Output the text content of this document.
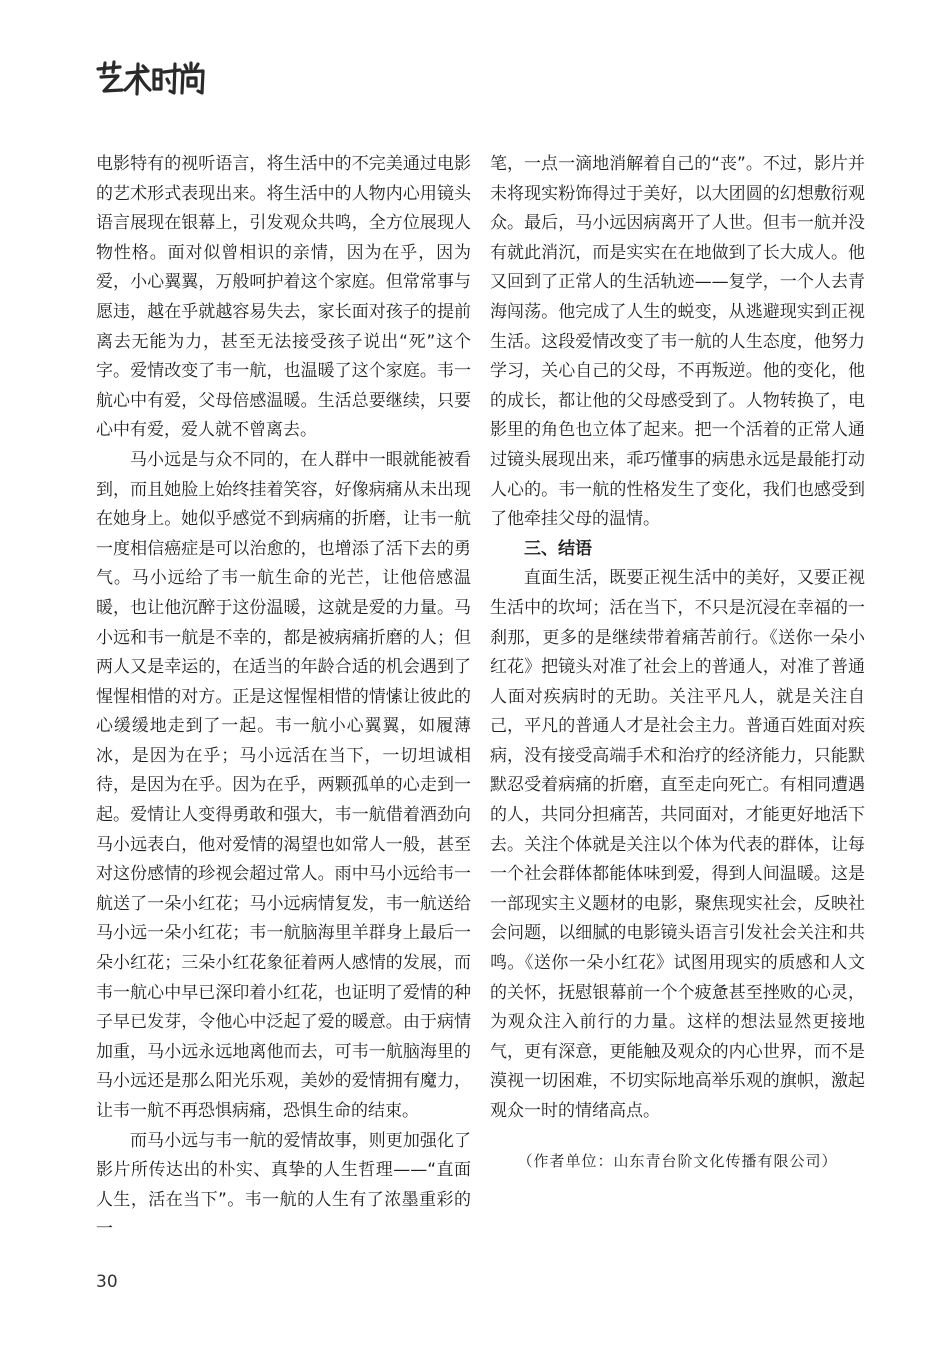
电影特有的视听语言，将生活中的不完美通过电影的艺术形式表现出来。将生活中的人物内心用镜头语言展现在银幕上，引发观众共鸣，全方位展现人物性格。面对似曾相识的亲情，因为在乎，因为爱，小心翼翼，万般呵护着这个家庭。但常常事与愿违，越在乎就越容易失去，家长面对孩子的提前离去无能为力，甚至无法接受孩子说出“死”这个字。爱情改变了韦一航，也温暖了这个家庭。韦一航心中有爱，父母倍感温暖。生活总要继续，只要心中有爱，爱人就不曾离去。

马小远是与众不同的，在人群中一眼就能被看到，而且她脸上始终挂着笑容，好像病痛从未出现在她身上。她似乎感觉不到病痛的折磨，让韦一航一度相信癌症是可以治愈的，也增添了活下去的勇气。马小远给了韦一航生命的光芒，让他倍感温暖，也让他沉醉于这份温暖，这就是爱的力量。马小远和韦一航是不幸的，都是被病痛折磨的人；但两人又是幸运的，在适当的年龄合适的机会遇到了惺惺相惜的对方。正是这惺惺相惜的情愫让彼此的心缓缓地走到了一起。韦一航小心翼翼，如履薄冰，是因为在乎；马小远活在当下，一切坦诚相待，是因为在乎。因为在乎，两颗孤单的心走到一起。爱情让人变得勇敢和强大，韦一航借着酒劲向马小远表白，他对爱情的渴望也如常人一般，甚至对这份感情的珍视会超过常人。雨中马小远给韦一航送了一朵小红花；马小远病情复发，韦一航送给马小远一朵小红花；韦一航脑海里羊群身上最后一朵小红花；三朵小红花象征着两人感情的发展，而韦一航心中早已深印着小红花，也证明了爱情的种子早已发芽，令他心中泛起了爱的暖意。由于病情加重，马小远永远地离他而去，可韦一航脑海里的马小远还是那么阳光乐观，美妙的爱情拥有魔力，让韦一航不再恐惧病痛，恐惧生命的结束。

而马小远与韦一航的爱情故事，则更加强化了影片所传达出的朴实、真挚的人生哲理——“直面人生，活在当下”。韦一航的人生有了浓墨重彩的一

笔，一点一滴地消解着自己的“丧”。不过，影片并未将现实粉饰得过于美好，以大团圆的幻想敷衍观众。最后，马小远因病离开了人世。但韦一航并没有就此消沉，而是实实在在地做到了长大成人。他又回到了正常人的生活轨迹——复学，一个人去青海闯荡。他完成了人生的蜕变，从逃避现实到正视生活。这段爱情改变了韦一航的人生态度，他努力学习，关心自己的父母，不再叛逆。他的变化，他的成长，都让他的父母感受到了。人物转换了，电影里的角色也立体了起来。把一个活着的正常人通过镜头展现出来，乖巧懂事的病患永远是最能打动人心的。韦一航的性格发生了变化，我们也感受到了他牵挂父母的温情。

三、结语

直面生活，既要正视生活中的美好，又要正视生活中的坎坷；活在当下，不只是沉浸在幸福的一刹那，更多的是继续带着痛苦前行。《送你一朵小红花》把镜头对准了社会上的普通人，对准了普通人面对疾病时的无助。关注平凡人，就是关注自己，平凡的普通人才是社会主力。普通百姓面对疾病，没有接受高端手术和治疗的经济能力，只能默默忍受着病痛的折磨，直至走向死亡。有相同遭遇的人，共同分担痛苦，共同面对，才能更好地活下去。关注个体就是关注以个体为代表的群体，让每一个社会群体都能体味到爱，得到人间温暖。这是一部现实主义题材的电影，聚焦现实社会，反映社会问题，以细腻的电影镜头语言引发社会关注和共鸣。《送你一朵小红花》试图用现实的质感和人文的关怀，抚慰银幕前一个个疲惫甚至挫败的心灵，为观众注入前行的力量。这样的想法显然更接地气，更有深意，更能触及观众的内心世界，而不是漠视一切困难，不切实际地高举乐观的旗帜，激起观众一时的情绪高点。

（作者单位：山东青台阶文化传播有限公司）

30
